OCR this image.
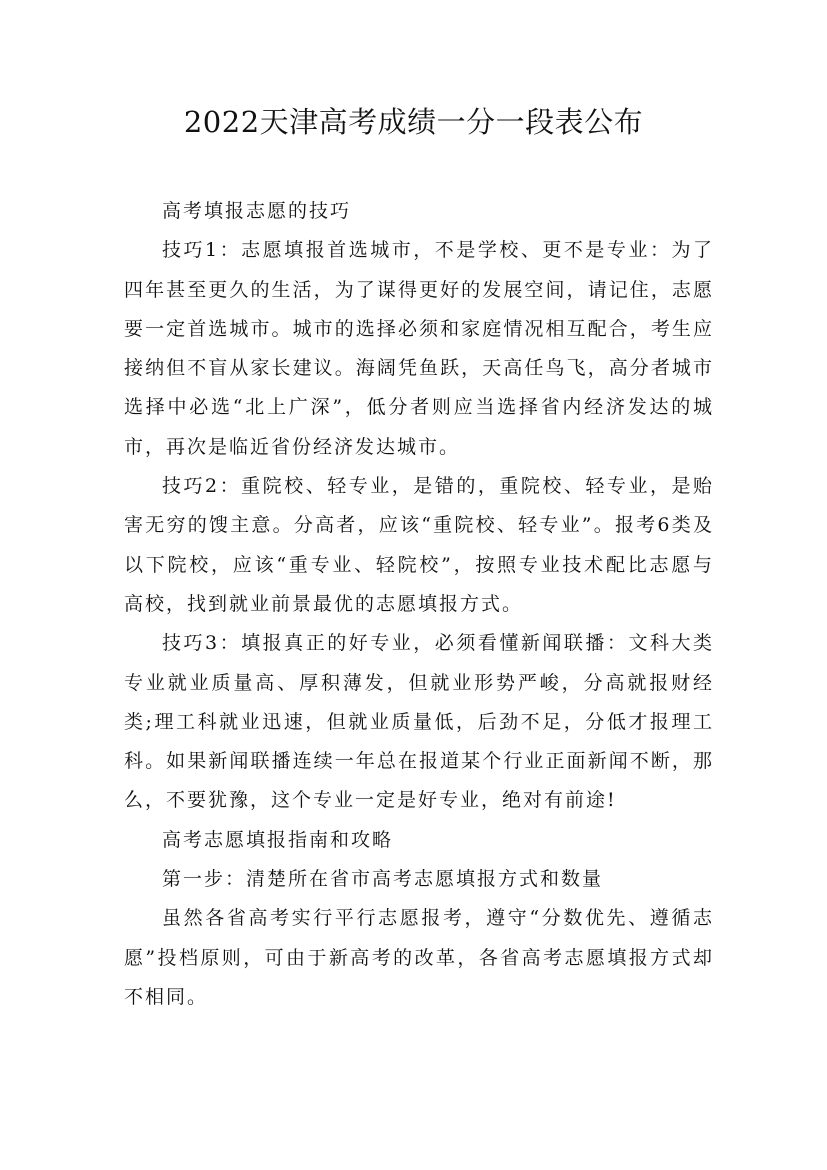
2022天津高考成绩一分一段表公布

高考填报志愿的技巧

技巧1：志愿填报首选城市，不是学校、更不是专业：为了四年甚至更久的生活，为了谋得更好的发展空间，请记住，志愿要一定首选城市。城市的选择必须和家庭情况相互配合，考生应接纳但不盲从家长建议。海阔凭鱼跃，天高任鸟飞，高分者城市选择中必选“北上广深”，低分者则应当选择省内经济发达的城市，再次是临近省份经济发达城市。

技巧2：重院校、轻专业，是错的，重院校、轻专业，是贻害无穷的馊主意。分高者，应该“重院校、轻专业”。报考6类及以下院校，应该“重专业、轻院校”，按照专业技术配比志愿与高校，找到就业前景最优的志愿填报方式。

技巧3：填报真正的好专业，必须看懂新闻联播：文科大类专业就业质量高、厚积薄发，但就业形势严峻，分高就报财经类;理工科就业迅速，但就业质量低，后劲不足，分低才报理工科。如果新闻联播连续一年总在报道某个行业正面新闻不断，那么，不要犹豫，这个专业一定是好专业，绝对有前途!

高考志愿填报指南和攻略

第一步：清楚所在省市高考志愿填报方式和数量

虽然各省高考实行平行志愿报考，遵守“分数优先、遵循志愿”投档原则，可由于新高考的改革，各省高考志愿填报方式却不相同。
